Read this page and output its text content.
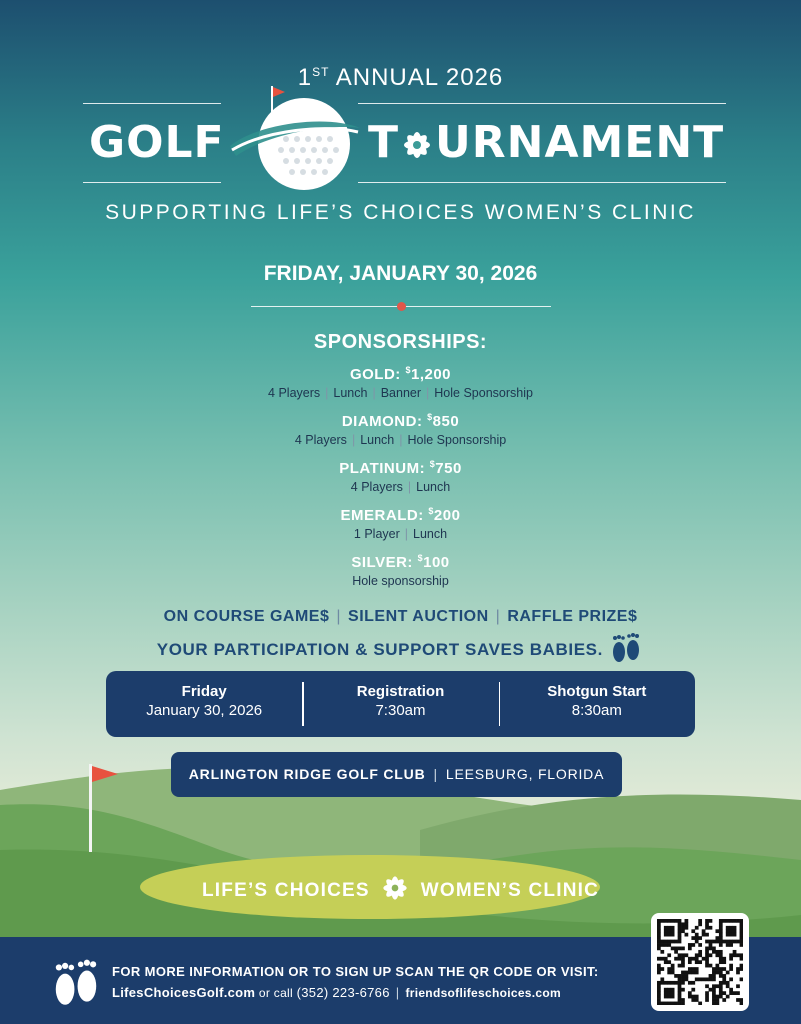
1ST ANNUAL 2026
GOLF	T URNAMENT
SUPPORTING LIFE’S CHOICES WOMEN’S CLINIC
FRIDAY, JANUARY 30, 2026
SPONSORSHIPS:
GOLD: $1,200
4 Players | Lunch | Banner | Hole Sponsorship
DIAMOND: $850
4 Players | Lunch | Hole Sponsorship
PLATINUM: $750
4 Players | Lunch
EMERALD: $200
1 Player | Lunch
SILVER: $100
Hole sponsorship
ON COURSE GAME$ | SILENT AUCTION | RAFFLE PRIZE$
YOUR PARTICIPATION & SUPPORT SAVES BABIES.
Friday
January 30, 2026
Registration
7:30am
Shotgun Start
8:30am
ARLINGTON RIDGE GOLF CLUB | LEESBURG, FLORIDA
LIFE’S CHOICES	WOMEN’S CLINIC
FOR MORE INFORMATION OR TO SIGN UP SCAN THE QR CODE OR VISIT:
LifesChoicesGolf.com or call (352) 223-6766 | friendsoflifeschoices.com
